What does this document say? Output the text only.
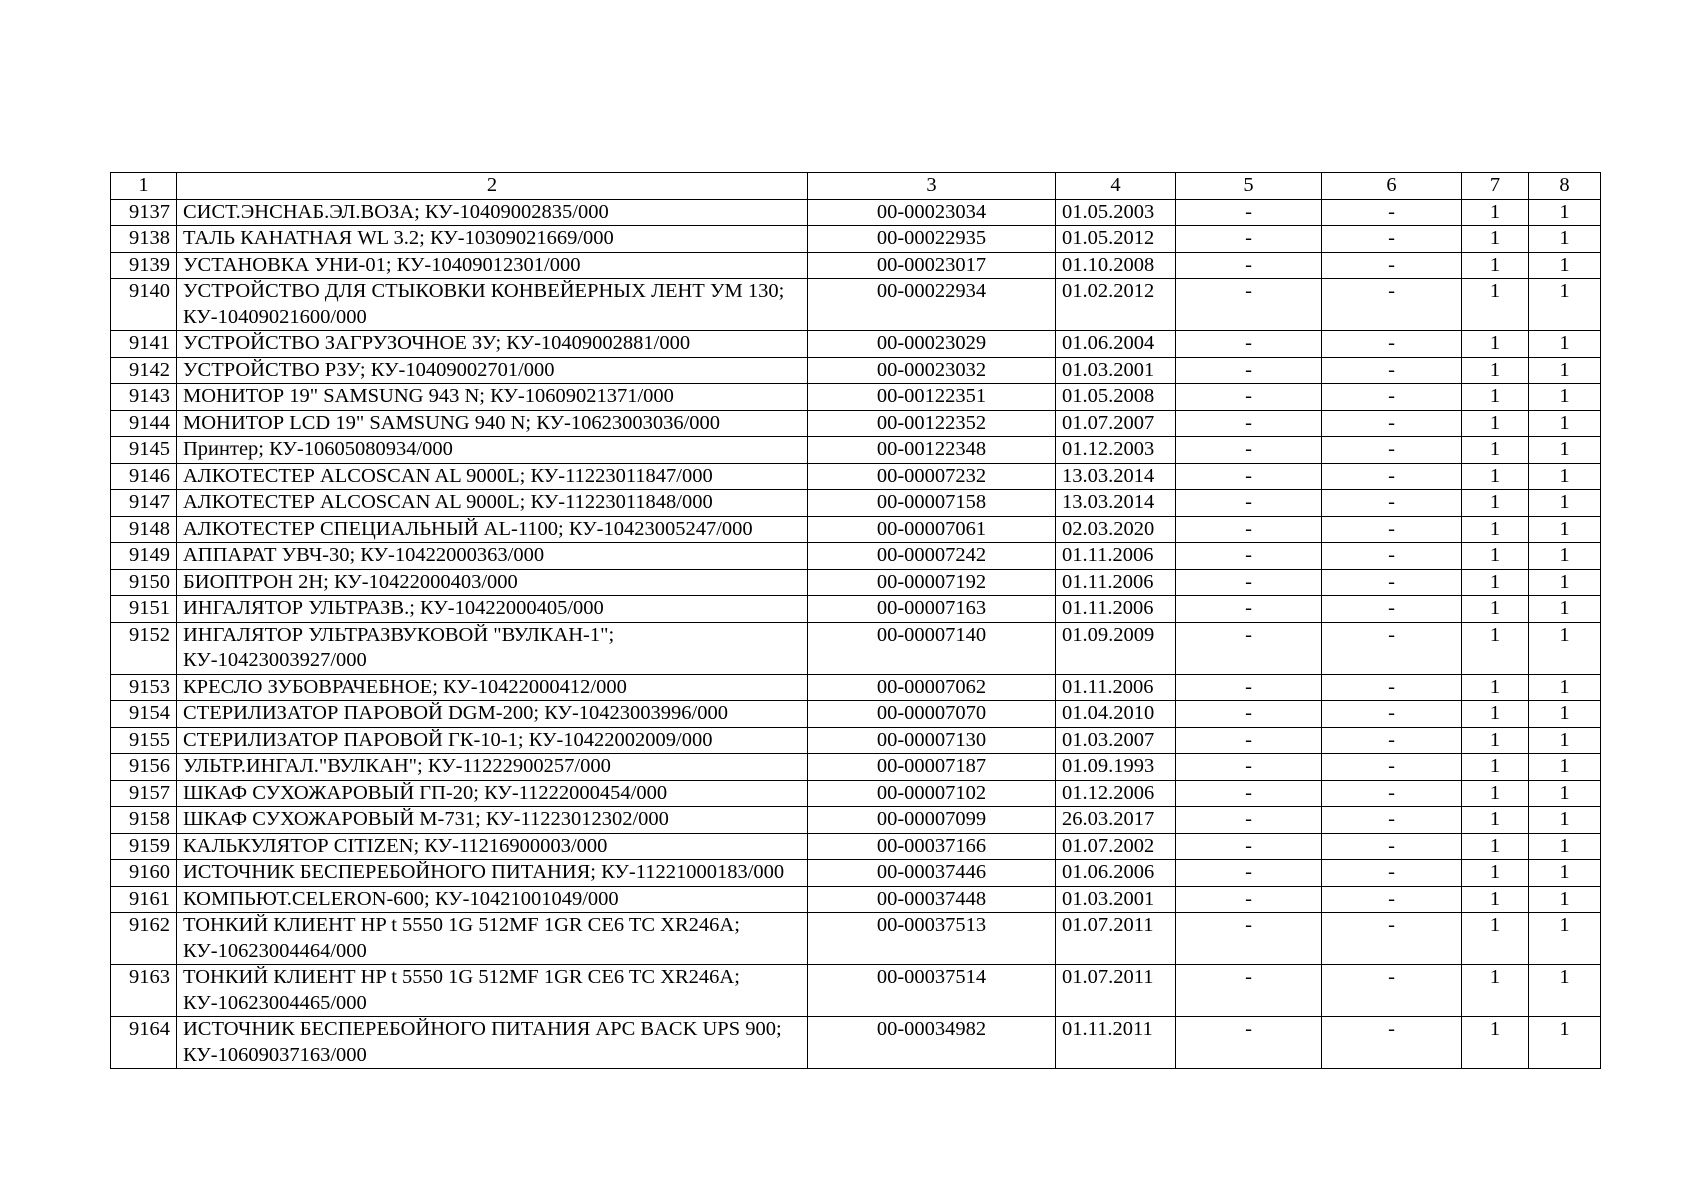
1	2	3	4	5	6	7	8
9137	СИСТ.ЭНСНАБ.ЭЛ.ВОЗА; КУ-10409002835/000	00-00023034	01.05.2003	-	-	1	1
9138	ТАЛЬ КАНАТНАЯ WL 3.2; КУ-10309021669/000	00-00022935	01.05.2012	-	-	1	1
9139	УСТАНОВКА УНИ-01; КУ-10409012301/000	00-00023017	01.10.2008	-	-	1	1
9140	УСТРОЙСТВО ДЛЯ СТЫКОВКИ КОНВЕЙЕРНЫХ ЛЕНТ УМ 130; КУ-10409021600/000	00-00022934	01.02.2012	-	-	1	1
9141	УСТРОЙСТВО ЗАГРУЗОЧНОЕ ЗУ; КУ-10409002881/000	00-00023029	01.06.2004	-	-	1	1
9142	УСТРОЙСТВО РЗУ; КУ-10409002701/000	00-00023032	01.03.2001	-	-	1	1
9143	МОНИТОР 19" SAMSUNG 943 N; КУ-10609021371/000	00-00122351	01.05.2008	-	-	1	1
9144	МОНИТОР LCD 19" SAMSUNG 940 N; КУ-10623003036/000	00-00122352	01.07.2007	-	-	1	1
9145	Принтер; КУ-10605080934/000	00-00122348	01.12.2003	-	-	1	1
9146	АЛКОТЕСТЕР ALCOSCAN AL 9000L; КУ-11223011847/000	00-00007232	13.03.2014	-	-	1	1
9147	АЛКОТЕСТЕР ALCOSCAN AL 9000L; КУ-11223011848/000	00-00007158	13.03.2014	-	-	1	1
9148	АЛКОТЕСТЕР СПЕЦИАЛЬНЫЙ AL-1100; КУ-10423005247/000	00-00007061	02.03.2020	-	-	1	1
9149	АППАРАТ УВЧ-30; КУ-10422000363/000	00-00007242	01.11.2006	-	-	1	1
9150	БИОПТРОН 2Н; КУ-10422000403/000	00-00007192	01.11.2006	-	-	1	1
9151	ИНГАЛЯТОР УЛЬТРАЗВ.; КУ-10422000405/000	00-00007163	01.11.2006	-	-	1	1
9152	ИНГАЛЯТОР УЛЬТРАЗВУКОВОЙ "ВУЛКАН-1"; КУ-10423003927/000	00-00007140	01.09.2009	-	-	1	1
9153	КРЕСЛО ЗУБОВРАЧЕБНОЕ; КУ-10422000412/000	00-00007062	01.11.2006	-	-	1	1
9154	СТЕРИЛИЗАТОР ПАРОВОЙ DGM-200; КУ-10423003996/000	00-00007070	01.04.2010	-	-	1	1
9155	СТЕРИЛИЗАТОР ПАРОВОЙ ГК-10-1; КУ-10422002009/000	00-00007130	01.03.2007	-	-	1	1
9156	УЛЬТР.ИНГАЛ."ВУЛКАН"; КУ-11222900257/000	00-00007187	01.09.1993	-	-	1	1
9157	ШКАФ СУХОЖАРОВЫЙ ГП-20; КУ-11222000454/000	00-00007102	01.12.2006	-	-	1	1
9158	ШКАФ СУХОЖАРОВЫЙ М-731; КУ-11223012302/000	00-00007099	26.03.2017	-	-	1	1
9159	КАЛЬКУЛЯТОР CITIZEN; КУ-11216900003/000	00-00037166	01.07.2002	-	-	1	1
9160	ИСТОЧНИК БЕСПЕРЕБОЙНОГО ПИТАНИЯ; КУ-11221000183/000	00-00037446	01.06.2006	-	-	1	1
9161	КОМПЬЮТ.CELERON-600; КУ-10421001049/000	00-00037448	01.03.2001	-	-	1	1
9162	ТОНКИЙ КЛИЕНТ HP t 5550 1G 512MF 1GR CE6 TC XR246A; КУ-10623004464/000	00-00037513	01.07.2011	-	-	1	1
9163	ТОНКИЙ КЛИЕНТ HP t 5550 1G 512MF 1GR CE6 TC XR246A; КУ-10623004465/000	00-00037514	01.07.2011	-	-	1	1
9164	ИСТОЧНИК БЕСПЕРЕБОЙНОГО ПИТАНИЯ APC BACK UPS 900; КУ-10609037163/000	00-00034982	01.11.2011	-	-	1	1
